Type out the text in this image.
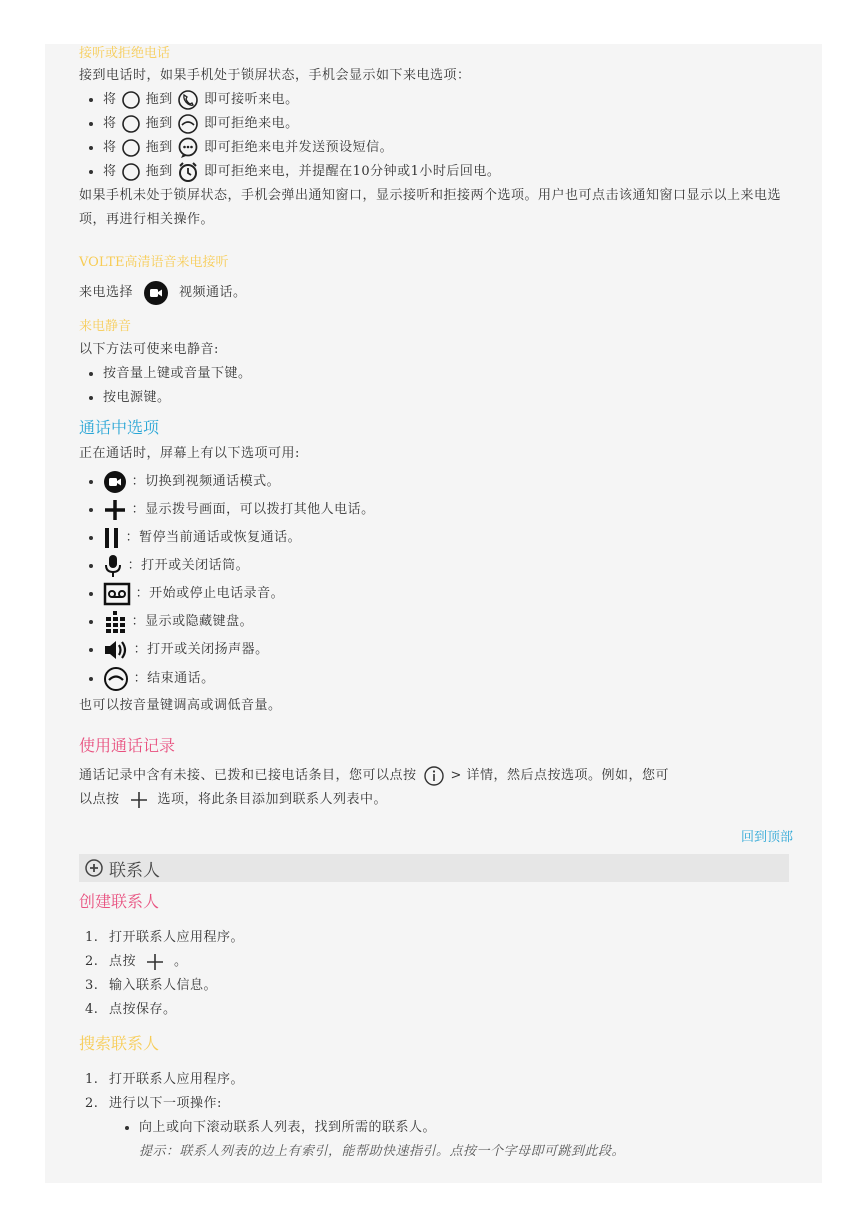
接听或拒绝电话
接到电话时，如果手机处于锁屏状态，手机会显示如下来电选项：
• 将 拖到 即可接听来电。
• 将 拖到 即可拒绝来电。
• 将 拖到 即可拒绝来电并发送预设短信。
• 将 拖到 即可拒绝来电，并提醒在10分钟或1小时后回电。
如果手机未处于锁屏状态，手机会弹出通知窗口，显示接听和拒接两个选项。用户也可点击该通知窗口显示以上来电选项，再进行相关操作。
VOLTE高清语音来电接听
来电选择	视频通话。
来电静音
以下方法可使来电静音:
• 按音量上键或音量下键。
• 按电源键。
通话中选项
正在通话时，屏幕上有以下选项可用:
• ：切换到视频通话模式。
• ：显示拨号画面，可以拨打其他人电话。
• ：暂停当前通话或恢复通话。
• ：打开或关闭话筒。
• ：开始或停止电话录音。
• ：显示或隐藏键盘。
• ：打开或关闭扬声器。
• ：结束通话。
也可以按音量键调高或调低音量。
使用通话记录
通话记录中含有未接、已拨和已接电话条目，您可以点按	> 详情，然后点按选项。例如，您可
以点按	选项，将此条目添加到联系人列表中。
回到顶部
联系人
创建联系人
1. 打开联系人应用程序。
2. 点按	。
3. 输入联系人信息。
4. 点按保存。
搜索联系人
1. 打开联系人应用程序。
2. 进行以下一项操作:
• 向上或向下滚动联系人列表，找到所需的联系人。
提示：联系人列表的边上有索引，能帮助快速指引。点按一个字母即可跳到此段。
